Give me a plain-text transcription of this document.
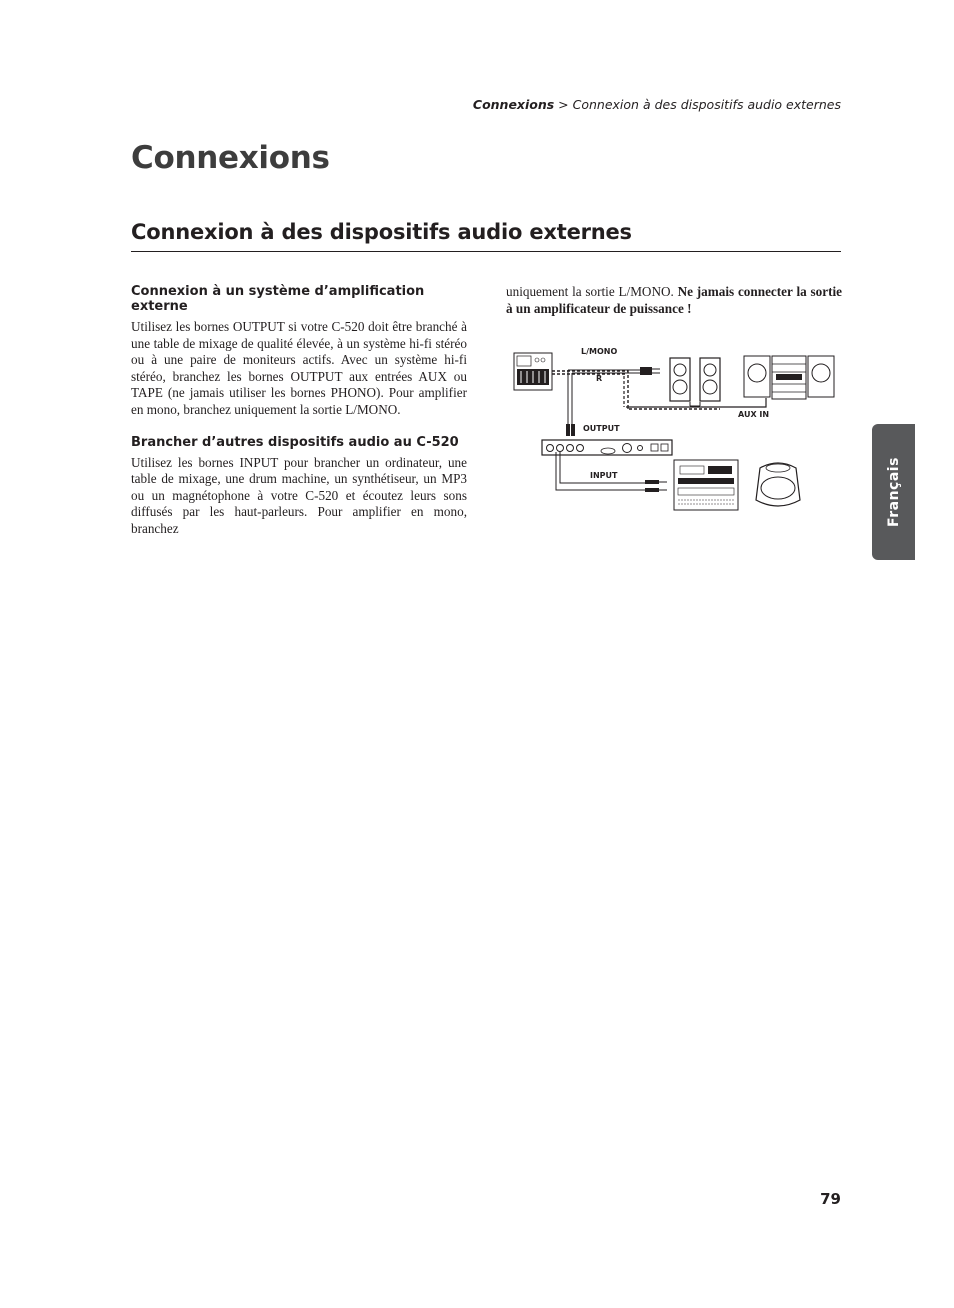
Connexions > Connexion à des dispositifs audio externes
Connexions
Connexion à des dispositifs audio externes
Connexion à un système d’amplification externe

Utilisez les bornes OUTPUT si votre C-520 doit être branché à une table de mixage de qualité élevée, à un système hi-fi stéréo ou à une paire de moniteurs actifs. Avec un système hi-fi stéréo, branchez les bornes OUTPUT aux entrées AUX ou TAPE (ne jamais utiliser les bornes PHONO). Pour amplifier en mono, branchez uniquement la sortie L/MONO.

Brancher d’autres dispositifs audio au C-520

Utilisez les bornes INPUT pour brancher un ordinateur, une table de mixage, une drum machine, un synthétiseur, un MP3 ou un magnétophone à votre C-520 et écoutez leurs sons diffusés par les haut-parleurs. Pour amplifier en mono, branchez

uniquement la sortie L/MONO. Ne jamais connecter la sortie à un amplificateur de puissance !

L/MONO
R
AUX IN
OUTPUT
INPUT	Français
79
